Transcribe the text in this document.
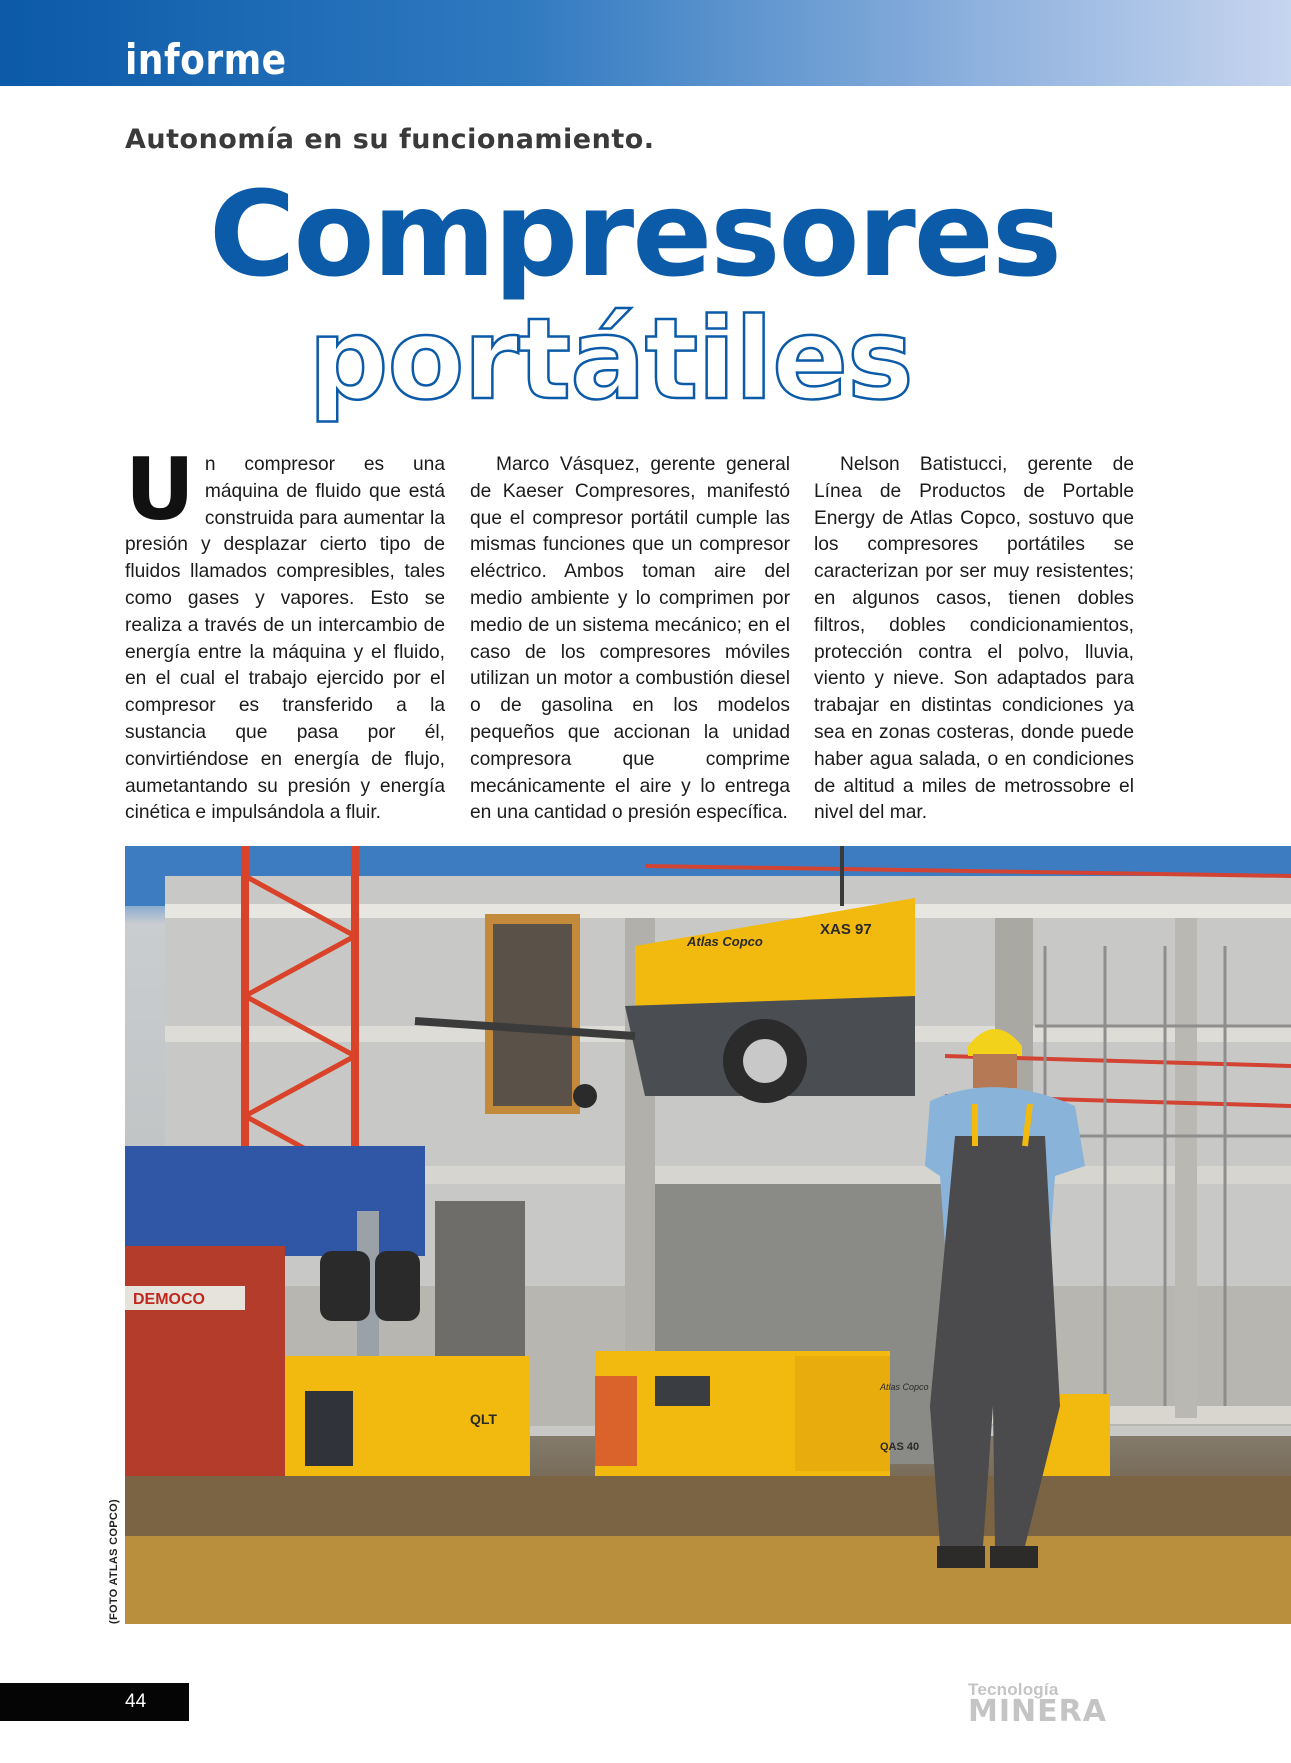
informe
Autonomía en su funcionamiento.
Compresores
portátiles
Un compresor es una máquina de fluido que está construida para aumentar la presión y desplazar cierto tipo de fluidos llamados compresibles, tales como gases y vapores. Esto se realiza a través de un intercambio de energía entre la máquina y el fluido, en el cual el trabajo ejercido por el compresor es transferido a la sustancia que pasa por él, convirtiéndose en energía de flujo, aumetantando su presión y energía cinética e impulsándola a fluir.
Marco Vásquez, gerente general de Kaeser Compresores, manifestó que el compresor portátil cumple las mismas funciones que un compresor eléctrico. Ambos toman aire del medio ambiente y lo comprimen por medio de un sistema mecánico; en el caso de los compresores móviles utilizan un motor a combustión diesel o de gasolina en los modelos pequeños que accionan la unidad compresora que comprime mecánicamente el aire y lo entrega en una cantidad o presión específica.
Nelson Batistucci, gerente de Línea de Productos de Portable Energy de Atlas Copco, sostuvo que los compresores portátiles se caracterizan por ser muy resistentes; en algunos casos, tienen dobles filtros, dobles condicionamientos, protección contra el polvo, lluvia, viento y nieve. Son adaptados para trabajar en distintas condiciones ya sea en zonas costeras, donde puede haber agua salada, o en condiciones de altitud a miles de metrossobre el nivel del mar.
DEMOCO
Atlas Copco
XAS 97
QLT
Atlas Copco
QAS 40
(FOTO ATLAS COPCO)
44
Tecnología
MINERA
